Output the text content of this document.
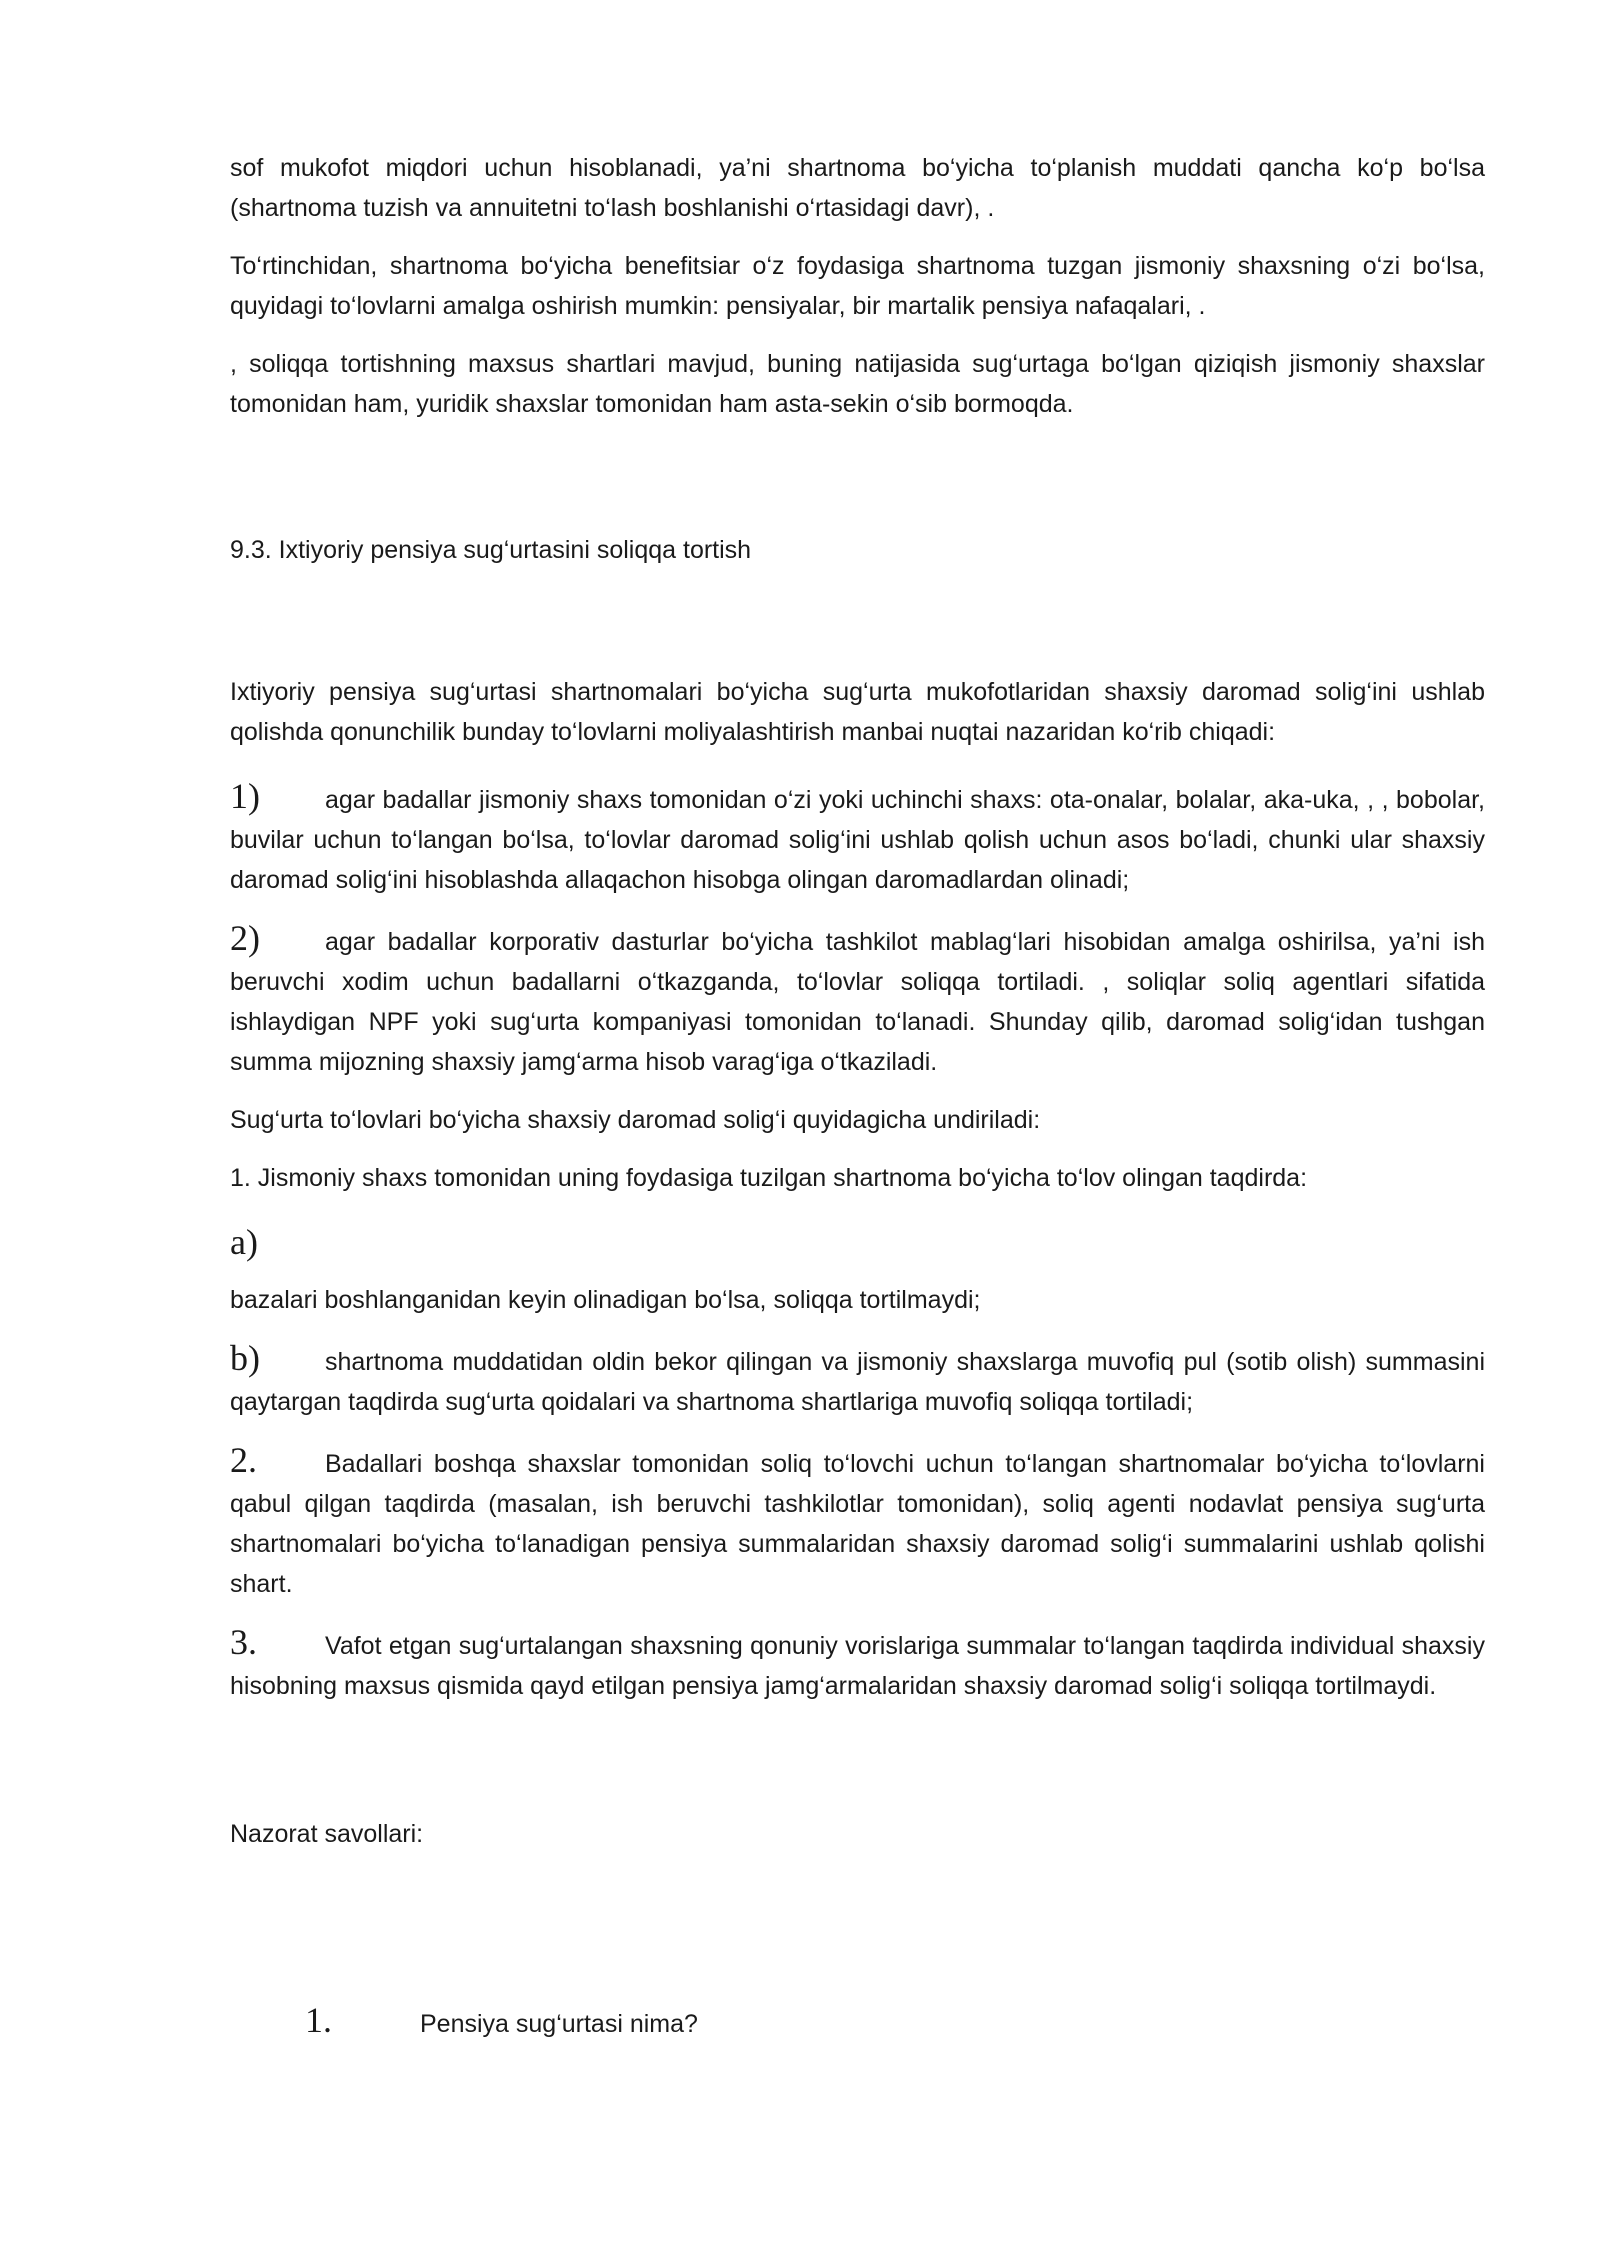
sof mukofot miqdori uchun hisoblanadi, ya’ni shartnoma bo‘yicha to‘planish muddati qancha ko‘p bo‘lsa (shartnoma tuzish va annuitetni to‘lash boshlanishi o‘rtasidagi davr), .

To‘rtinchidan, shartnoma bo‘yicha benefitsiar o‘z foydasiga shartnoma tuzgan jismoniy shaxsning o‘zi bo‘lsa, quyidagi to‘lovlarni amalga oshirish mumkin: pensiyalar, bir martalik pensiya nafaqalari, .

, soliqqa tortishning maxsus shartlari mavjud, buning natijasida sug‘urtaga bo‘lgan qiziqish jismoniy shaxslar tomonidan ham, yuridik shaxslar tomonidan ham asta-sekin o‘sib bormoqda.

9.3. Ixtiyoriy pensiya sug‘urtasini soliqqa tortish

Ixtiyoriy pensiya sug‘urtasi shartnomalari bo‘yicha sug‘urta mukofotlaridan shaxsiy daromad solig‘ini ushlab qolishda qonunchilik bunday to‘lovlarni moliyalashtirish manbai nuqtai nazaridan ko‘rib chiqadi:

1)	agar badallar jismoniy shaxs tomonidan o‘zi yoki uchinchi shaxs: ota-onalar, bolalar, aka-uka, , , bobolar, buvilar uchun to‘langan bo‘lsa, to‘lovlar daromad solig‘ini ushlab qolish uchun asos bo‘ladi, chunki ular shaxsiy daromad solig‘ini hisoblashda allaqachon hisobga olingan daromadlardan olinadi;

2)	agar badallar korporativ dasturlar bo‘yicha tashkilot mablag‘lari hisobidan amalga oshirilsa, ya’ni ish beruvchi xodim uchun badallarni o‘tkazganda, to‘lovlar soliqqa tortiladi. , soliqlar soliq agentlari sifatida ishlaydigan NPF yoki sug‘urta kompaniyasi tomonidan to‘lanadi. Shunday qilib, daromad solig‘idan tushgan summa mijozning shaxsiy jamg‘arma hisob varag‘iga o‘tkaziladi.

Sug‘urta to‘lovlari bo‘yicha shaxsiy daromad solig‘i quyidagicha undiriladi:

1. Jismoniy shaxs tomonidan uning foydasiga tuzilgan shartnoma bo‘yicha to‘lov olingan taqdirda:

a)

bazalari boshlanganidan keyin olinadigan bo‘lsa, soliqqa tortilmaydi;

b)	shartnoma muddatidan oldin bekor qilingan va jismoniy shaxslarga muvofiq pul (sotib olish) summasini qaytargan taqdirda sug‘urta qoidalari va shartnoma shartlariga muvofiq soliqqa tortiladi;

2.	Badallari boshqa shaxslar tomonidan soliq to‘lovchi uchun to‘langan shartnomalar bo‘yicha to‘lovlarni qabul qilgan taqdirda (masalan, ish beruvchi tashkilotlar tomonidan), soliq agenti nodavlat pensiya sug‘urta shartnomalari bo‘yicha to‘lanadigan pensiya summalaridan shaxsiy daromad solig‘i summalarini ushlab qolishi shart.

3.	Vafot etgan sug‘urtalangan shaxsning qonuniy vorislariga summalar to‘langan taqdirda individual shaxsiy hisobning maxsus qismida qayd etilgan pensiya jamg‘armalaridan shaxsiy daromad solig‘i soliqqa tortilmaydi.

Nazorat savollari:

1.	Pensiya sug‘urtasi nima?
